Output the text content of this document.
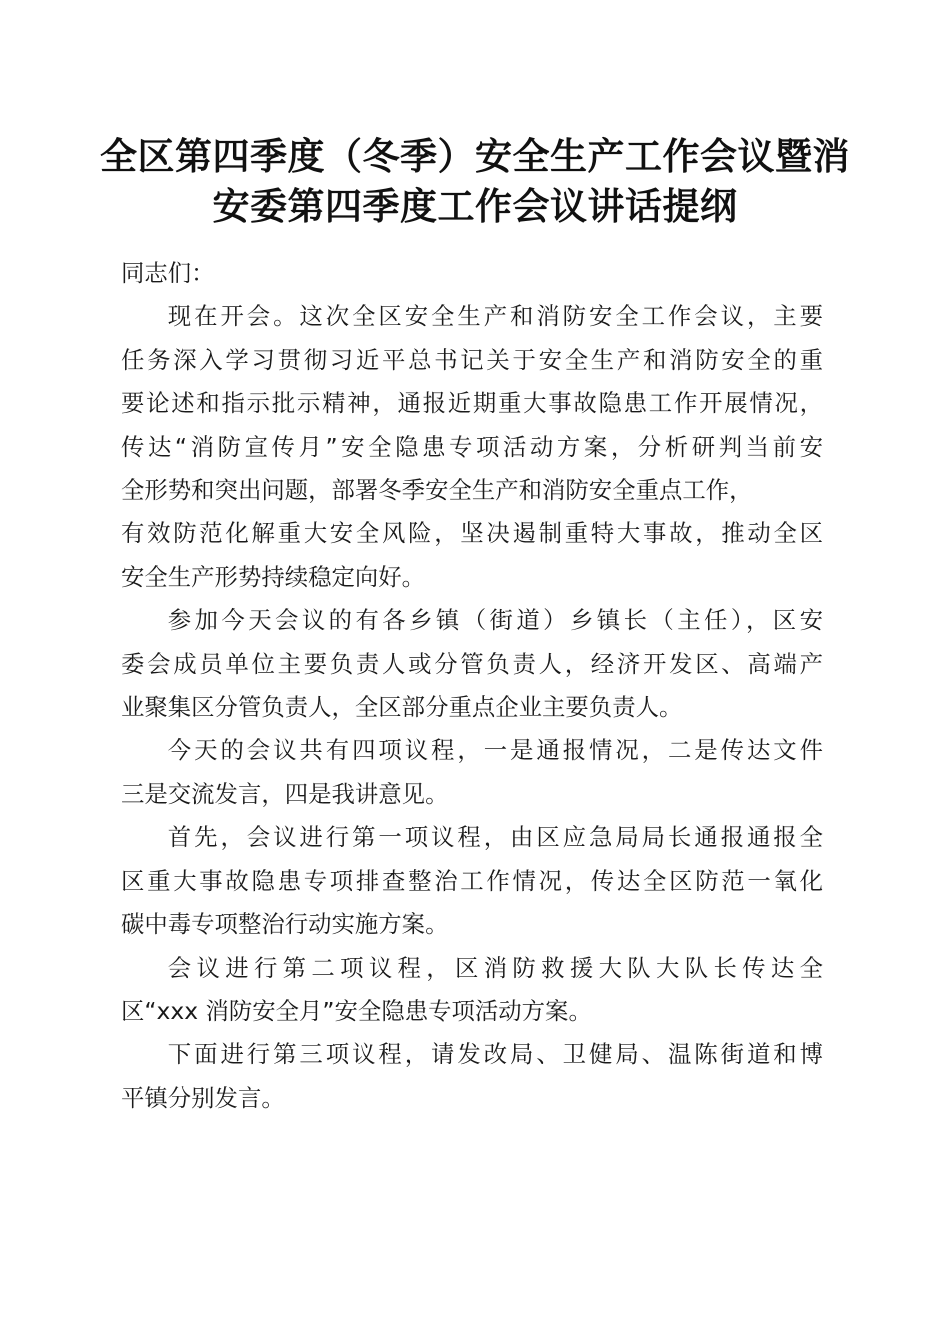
全区第四季度（冬季）安全生产工作会议暨消
安委第四季度工作会议讲话提纲

同志们：

现在开会。这次全区安全生产和消防安全工作会议，主要
任务深入学习贯彻习近平总书记关于安全生产和消防安全的重
要论述和指示批示精神，通报近期重大事故隐患工作开展情况，
传达“消防宣传月”安全隐患专项活动方案，分析研判当前安
全形势和突出问题，部署冬季安全生产和消防安全重点工作，
有效防范化解重大安全风险，坚决遏制重特大事故，推动全区
安全生产形势持续稳定向好。

参加今天会议的有各乡镇（街道）乡镇长（主任），区安
委会成员单位主要负责人或分管负责人，经济开发区、高端产
业聚集区分管负责人，全区部分重点企业主要负责人。

今天的会议共有四项议程，一是通报情况，二是传达文件
三是交流发言，四是我讲意见。

首先，会议进行第一项议程，由区应急局局长通报通报全
区重大事故隐患专项排查整治工作情况，传达全区防范一氧化
碳中毒专项整治行动实施方案。

会议进行第二项议程，区消防救援大队大队长传达全
区“xxx 消防安全月”安全隐患专项活动方案。

下面进行第三项议程，请发改局、卫健局、温陈街道和博
平镇分别发言。
